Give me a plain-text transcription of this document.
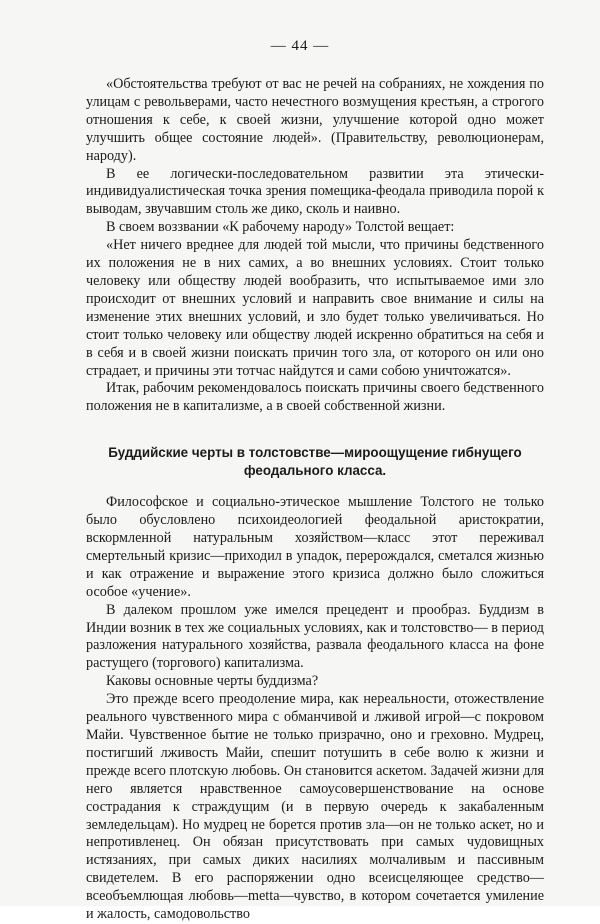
— 44 —

«Обстоятельства требуют от вас не речей на собраниях, не хождения по улицам с револьверами, часто нечестного возмущения крестьян, а строгого отношения к себе, к своей жизни, улучшение которой одно может улучшить общее состояние людей». (Правительству, революционерам, народу).

В ее логически-последовательном развитии эта этически-индивидуалистическая точка зрения помещика-феодала приводила порой к выводам, звучавшим столь же дико, сколь и наивно.

В своем воззвании «К рабочему народу» Толстой вещает:

«Нет ничего вреднее для людей той мысли, что причины бедственного их положения не в них самих, а во внешних условиях. Стоит только человеку или обществу людей вообразить, что испытываемое ими зло происходит от внешних условий и направить свое внимание и силы на изменение этих внешних условий, и зло будет только увеличиваться. Но стоит только человеку или обществу людей искренно обратиться на себя и в себя и в своей жизни поискать причин того зла, от которого он или оно страдает, и причины эти тотчас найдутся и сами собою уничтожатся».

Итак, рабочим рекомендовалось поискать причины своего бедственного положения не в капитализме, а в своей собственной жизни.

Буддийские черты в толстовстве—мироощущение гибнущего феодального класса.

Философское и социально-этическое мышление Толстого не только было обусловлено психоидеологией феодальной аристократии, вскормленной натуральным хозяйством—класс этот переживал смертельный кризис—приходил в упадок, перерождался, сметался жизнью и как отражение и выражение этого кризиса должно было сложиться особое «учение».

В далеком прошлом уже имелся прецедент и прообраз. Буддизм в Индии возник в тех же социальных условиях, как и толстовство— в период разложения натурального хозяйства, развала феодального класса на фоне растущего (торгового) капитализма.

Каковы основные черты буддизма?

Это прежде всего преодоление мира, как нереальности, отожествление реального чувственного мира с обманчивой и лживой игрой—с покровом Майи. Чувственное бытие не только призрачно, оно и греховно. Мудрец, постигший лживость Майи, спешит потушить в себе волю к жизни и прежде всего плотскую любовь. Он становится аскетом. Задачей жизни для него является нравственное самоусовершенствование на основе сострадания к страждущим (и в первую очередь к закабаленным земледельцам). Но мудрец не борется против зла—он не только аскет, но и непротивленец. Он обязан присутствовать при самых чудовищных истязаниях, при самых диких насилиях молчаливым и пассивным свидетелем. В его распоряжении одно всеисцеляющее средство—всеобъемлющая любовь—metta—чувство, в котором сочетается умиление и жалость, самодовольство
